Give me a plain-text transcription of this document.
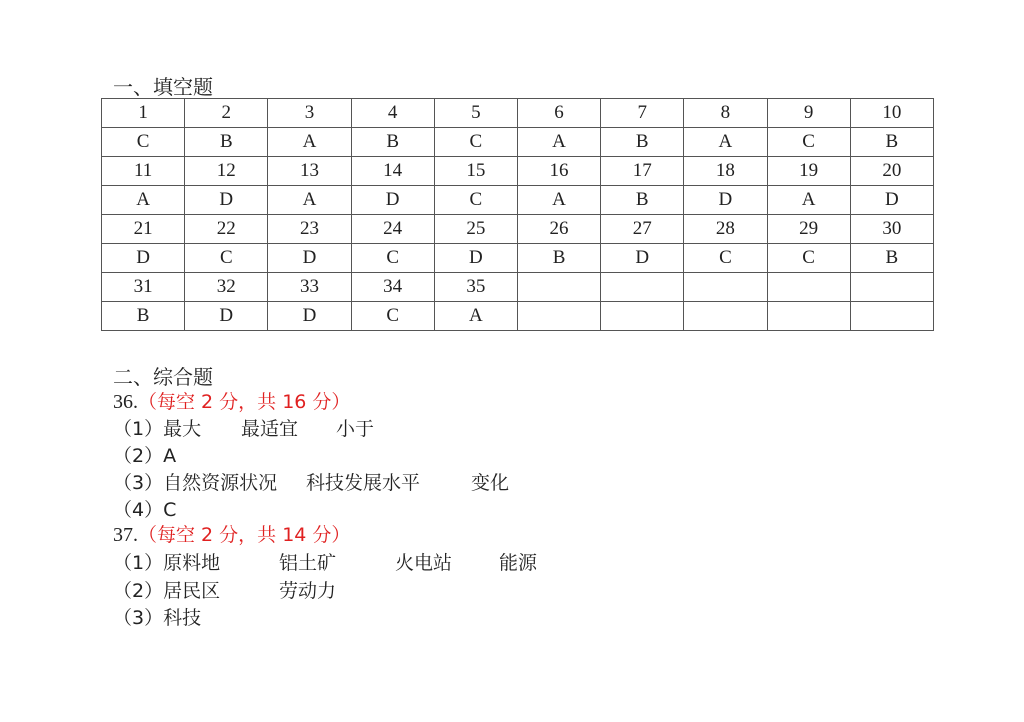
一、填空题
1	2	3	4	5	6	7	8	9	10
C	B	A	B	C	A	B	A	C	B
11	12	13	14	15	16	17	18	19	20
A	D	A	D	C	A	B	D	A	D
21	22	23	24	25	26	27	28	29	30
D	C	D	C	D	B	D	C	C	B
31	32	33	34	35					
B	D	D	C	A					
二、综合题
36.（每空 2 分，共 16 分）
（1）最大 最适宜 小于
（2）A
（3）自然资源状况 科技发展水平	变化
（4）C
37.（每空 2 分，共 14 分）
（1）原料地	铝土矿	火电站 能源
（2）居民区	劳动力
（3）科技
